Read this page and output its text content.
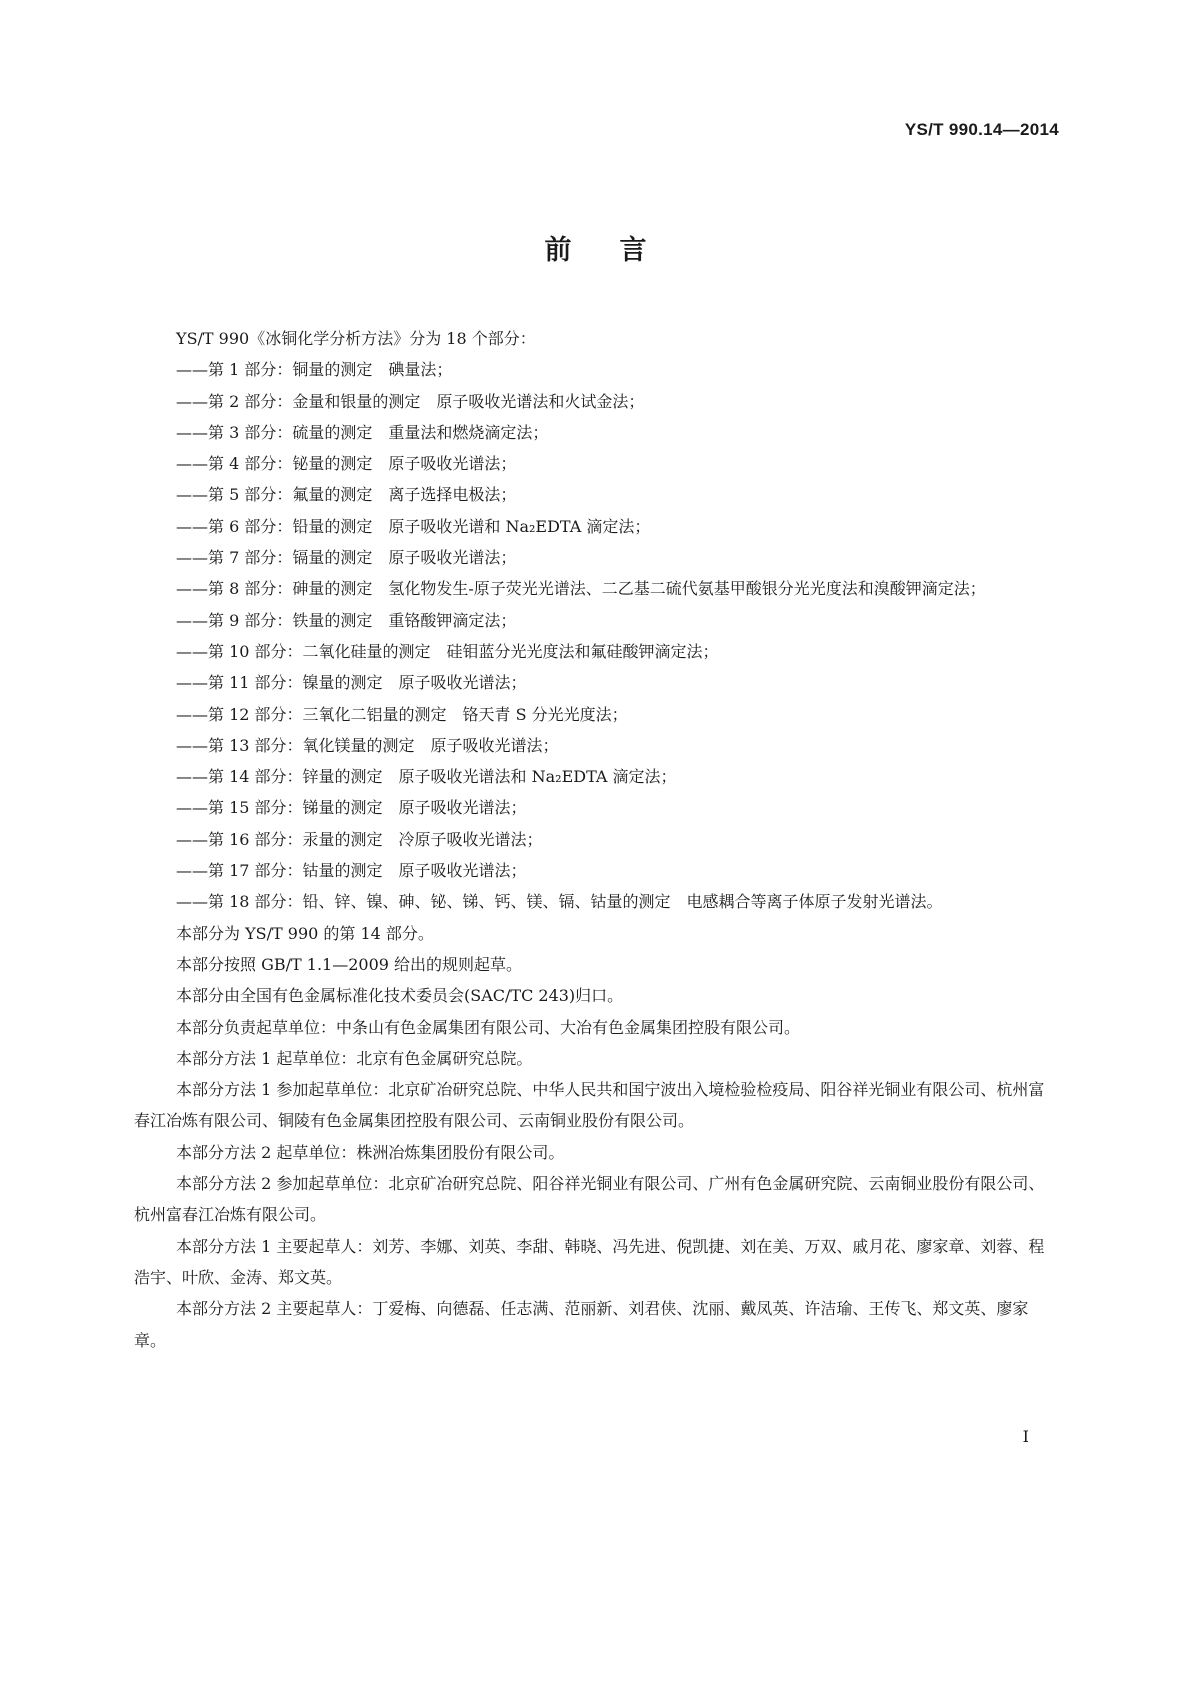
YS/T 990.14—2014
前言

YS/T 990《冰铜化学分析方法》分为 18 个部分：

——第 1 部分：铜量的测定　碘量法；

——第 2 部分：金量和银量的测定　原子吸收光谱法和火试金法；

——第 3 部分：硫量的测定　重量法和燃烧滴定法；

——第 4 部分：铋量的测定　原子吸收光谱法；

——第 5 部分：氟量的测定　离子选择电极法；

——第 6 部分：铅量的测定　原子吸收光谱和 Na₂EDTA 滴定法；

——第 7 部分：镉量的测定　原子吸收光谱法；

——第 8 部分：砷量的测定　氢化物发生-原子荧光光谱法、二乙基二硫代氨基甲酸银分光光度法和溴酸钾滴定法；

——第 9 部分：铁量的测定　重铬酸钾滴定法；

——第 10 部分：二氧化硅量的测定　硅钼蓝分光光度法和氟硅酸钾滴定法；

——第 11 部分：镍量的测定　原子吸收光谱法；

——第 12 部分：三氧化二铝量的测定　铬天青 S 分光光度法；

——第 13 部分：氧化镁量的测定　原子吸收光谱法；

——第 14 部分：锌量的测定　原子吸收光谱法和 Na₂EDTA 滴定法；

——第 15 部分：锑量的测定　原子吸收光谱法；

——第 16 部分：汞量的测定　冷原子吸收光谱法；

——第 17 部分：钴量的测定　原子吸收光谱法；

——第 18 部分：铅、锌、镍、砷、铋、锑、钙、镁、镉、钴量的测定　电感耦合等离子体原子发射光谱法。

本部分为 YS/T 990 的第 14 部分。

本部分按照 GB/T 1.1—2009 给出的规则起草。

本部分由全国有色金属标准化技术委员会(SAC/TC 243)归口。

本部分负责起草单位：中条山有色金属集团有限公司、大冶有色金属集团控股有限公司。

本部分方法 1 起草单位：北京有色金属研究总院。

本部分方法 1 参加起草单位：北京矿冶研究总院、中华人民共和国宁波出入境检验检疫局、阳谷祥光铜业有限公司、杭州富春江冶炼有限公司、铜陵有色金属集团控股有限公司、云南铜业股份有限公司。

本部分方法 2 起草单位：株洲冶炼集团股份有限公司。

本部分方法 2 参加起草单位：北京矿冶研究总院、阳谷祥光铜业有限公司、广州有色金属研究院、云南铜业股份有限公司、杭州富春江冶炼有限公司。

本部分方法 1 主要起草人：刘芳、李娜、刘英、李甜、韩晓、冯先进、倪凯捷、刘在美、万双、戚月花、廖家章、刘蓉、程浩宇、叶欣、金涛、郑文英。

本部分方法 2 主要起草人：丁爱梅、向德磊、任志满、范丽新、刘君侠、沈丽、戴凤英、许洁瑜、王传飞、郑文英、廖家章。

I
